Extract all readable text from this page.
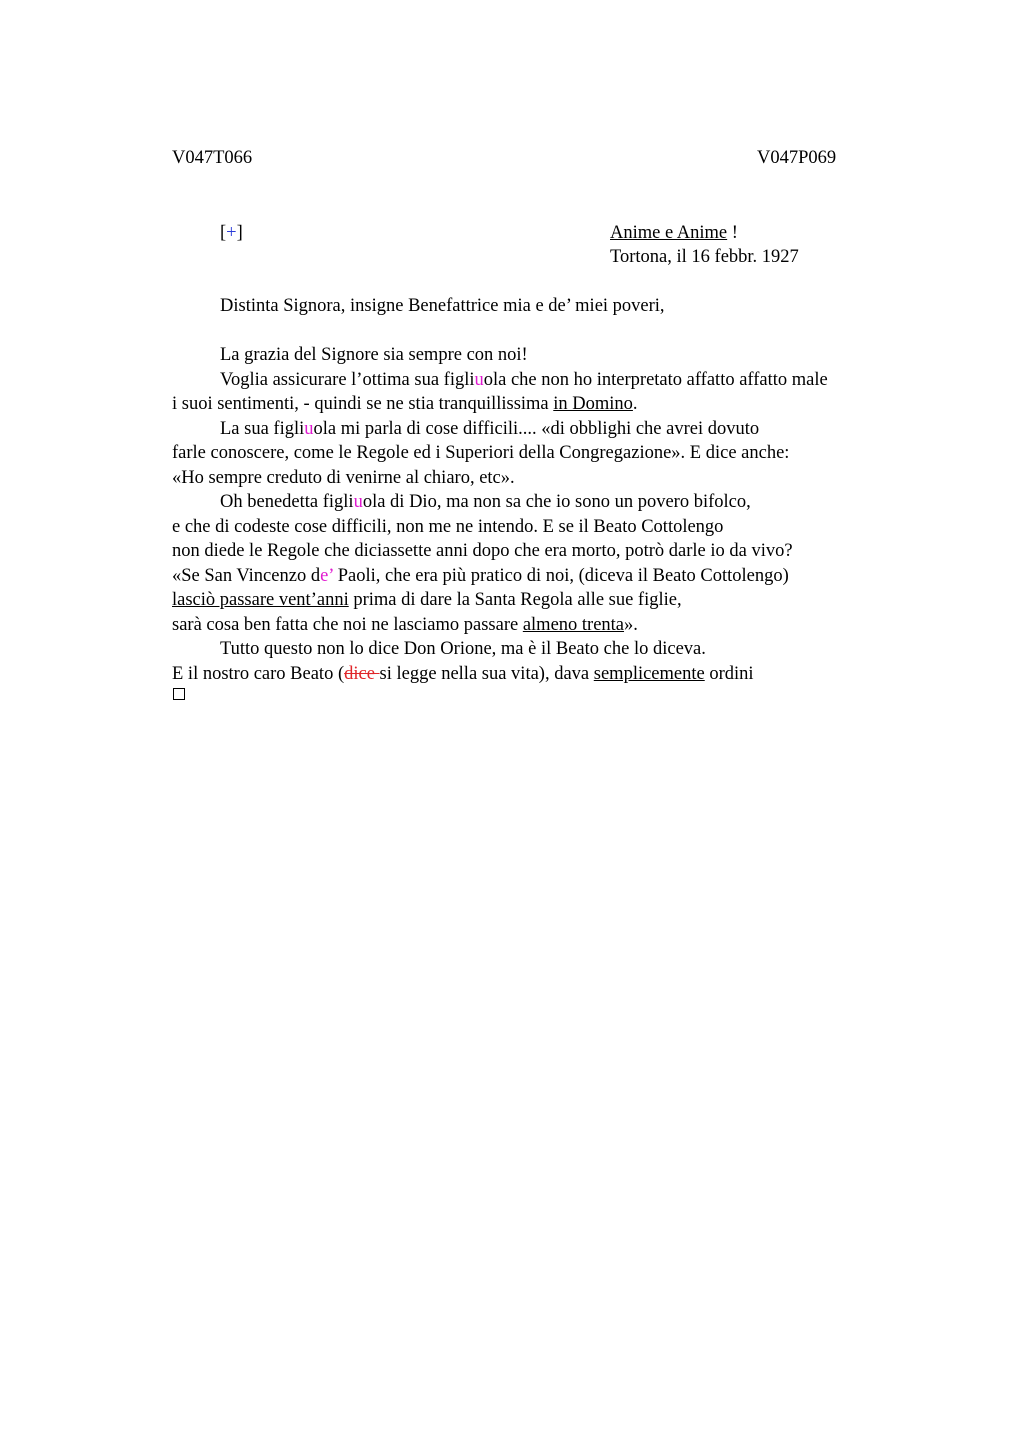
V047T066	V047P069
[+]	Anime e Anime !
Tortona, il 16 febbr. 1927
Distinta Signora, insigne Benefattrice mia e de’ miei poveri,
La grazia del Signore sia sempre con noi!
Voglia assicurare l’ottima sua figliuola che non ho interpretato affatto affatto male
i suoi sentimenti, - quindi se ne stia tranquillissima in Domino.
La sua figliuola mi parla di cose difficili.... «di obblighi che avrei dovuto
farle conoscere, come le Regole ed i Superiori della Congregazione». E dice anche:
«Ho sempre creduto di venirne al chiaro, etc».
Oh benedetta figliuola di Dio, ma non sa che io sono un povero bifolco,
e che di codeste cose difficili, non me ne intendo. E se il Beato Cottolengo
non diede le Regole che diciassette anni dopo che era morto, potrò darle io da vivo?
«Se San Vincenzo de’ Paoli, che era più pratico di noi, (diceva il Beato Cottolengo)
lasciò passare vent’anni prima di dare la Santa Regola alle sue figlie,
sarà cosa ben fatta che noi ne lasciamo passare almeno trenta».
Tutto questo non lo dice Don Orione, ma è il Beato che lo diceva.
E il nostro caro Beato (dice si legge nella sua vita), dava semplicemente ordini
